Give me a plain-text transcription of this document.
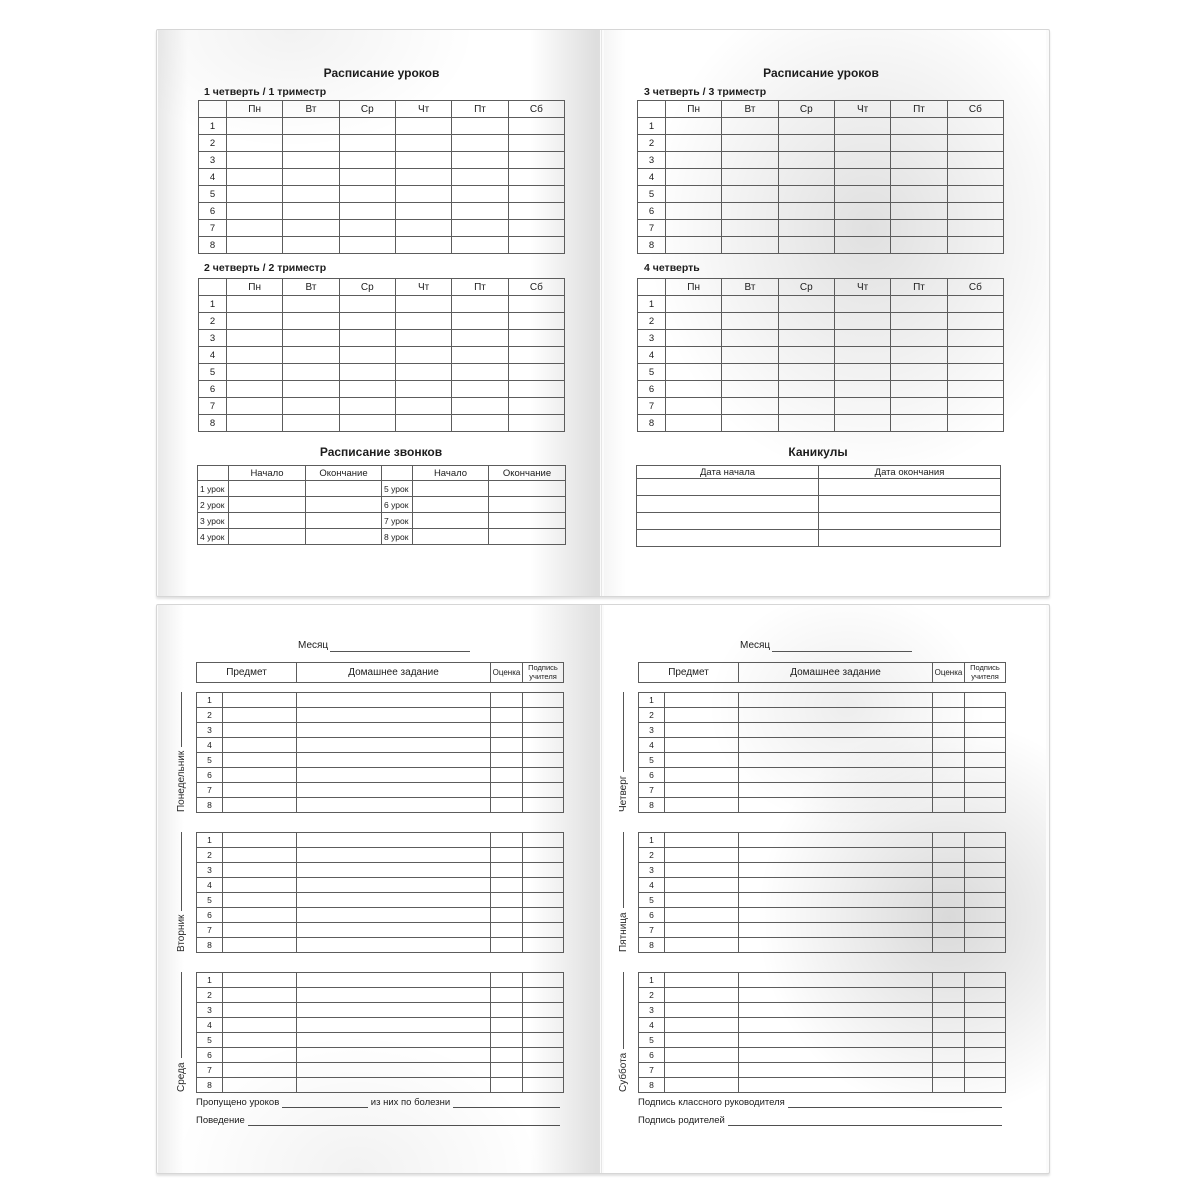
Расписание уроков
1 четверть / 1 триместр
	Пн	Вт	Ср	Чт	Пт	Сб
1						
2						
3						
4						
5						
6						
7						
8						
2 четверть / 2 триместр
	Пн	Вт	Ср	Чт	Пт	Сб
1						
2						
3						
4						
5						
6						
7						
8						
Расписание звонков
	Начало	Окончание		Начало	Окончание
1 урок			5 урок		
2 урок			6 урок		
3 урок			7 урок		
4 урок			8 урок		
Расписание уроков
3 четверть / 3 триместр
	Пн	Вт	Ср	Чт	Пт	Сб
1						
2						
3						
4						
5						
6						
7						
8						
4 четверть
	Пн	Вт	Ср	Чт	Пт	Сб
1						
2						
3						
4						
5						
6						
7						
8						
Каникулы
Дата начала	Дата окончания

Месяц
Предмет	Домашнее задание	Оценка	Подпись учителя
Понедельник
1				
2				
3				
4				
5				
6				
7				
8				
Вторник
1				
2				
3				
4				
5				
6				
7				
8				
Среда
1				
2				
3				
4				
5				
6				
7				
8				
Пропущено уроков	из них по болезни
Поведение
Месяц
Предмет	Домашнее задание	Оценка	Подпись учителя
Четверг
1				
2				
3				
4				
5				
6				
7				
8				
Пятница
1				
2				
3				
4				
5				
6				
7				
8				
Суббота
1				
2				
3				
4				
5				
6				
7				
8				
Подпись классного руководителя
Подпись родителей
